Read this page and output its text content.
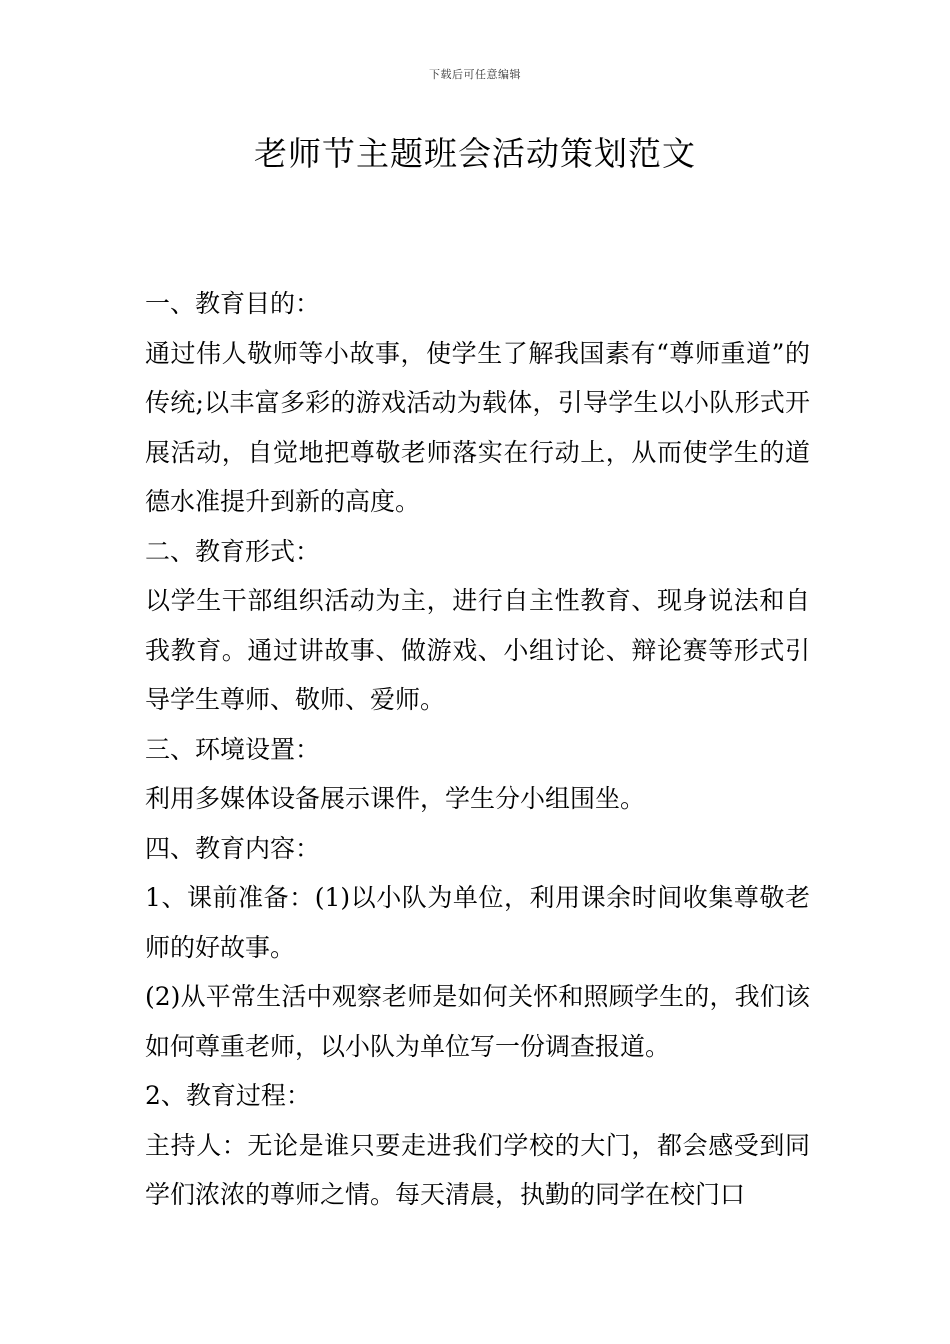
下载后可任意编辑
老师节主题班会活动策划范文

一、教育目的：

通过伟人敬师等小故事，使学生了解我国素有“尊师重道”的传统;以丰富多彩的游戏活动为载体，引导学生以小队形式开展活动，自觉地把尊敬老师落实在行动上，从而使学生的道德水准提升到新的高度。

二、教育形式：

以学生干部组织活动为主，进行自主性教育、现身说法和自我教育。通过讲故事、做游戏、小组讨论、辩论赛等形式引导学生尊师、敬师、爱师。

三、环境设置：

利用多媒体设备展示课件，学生分小组围坐。

四、教育内容：

1、课前准备：(1)以小队为单位，利用课余时间收集尊敬老师的好故事。

(2)从平常生活中观察老师是如何关怀和照顾学生的，我们该如何尊重老师，以小队为单位写一份调查报道。

2、教育过程：

主持人：无论是谁只要走进我们学校的大门，都会感受到同学们浓浓的尊师之情。每天清晨，执勤的同学在校门口
